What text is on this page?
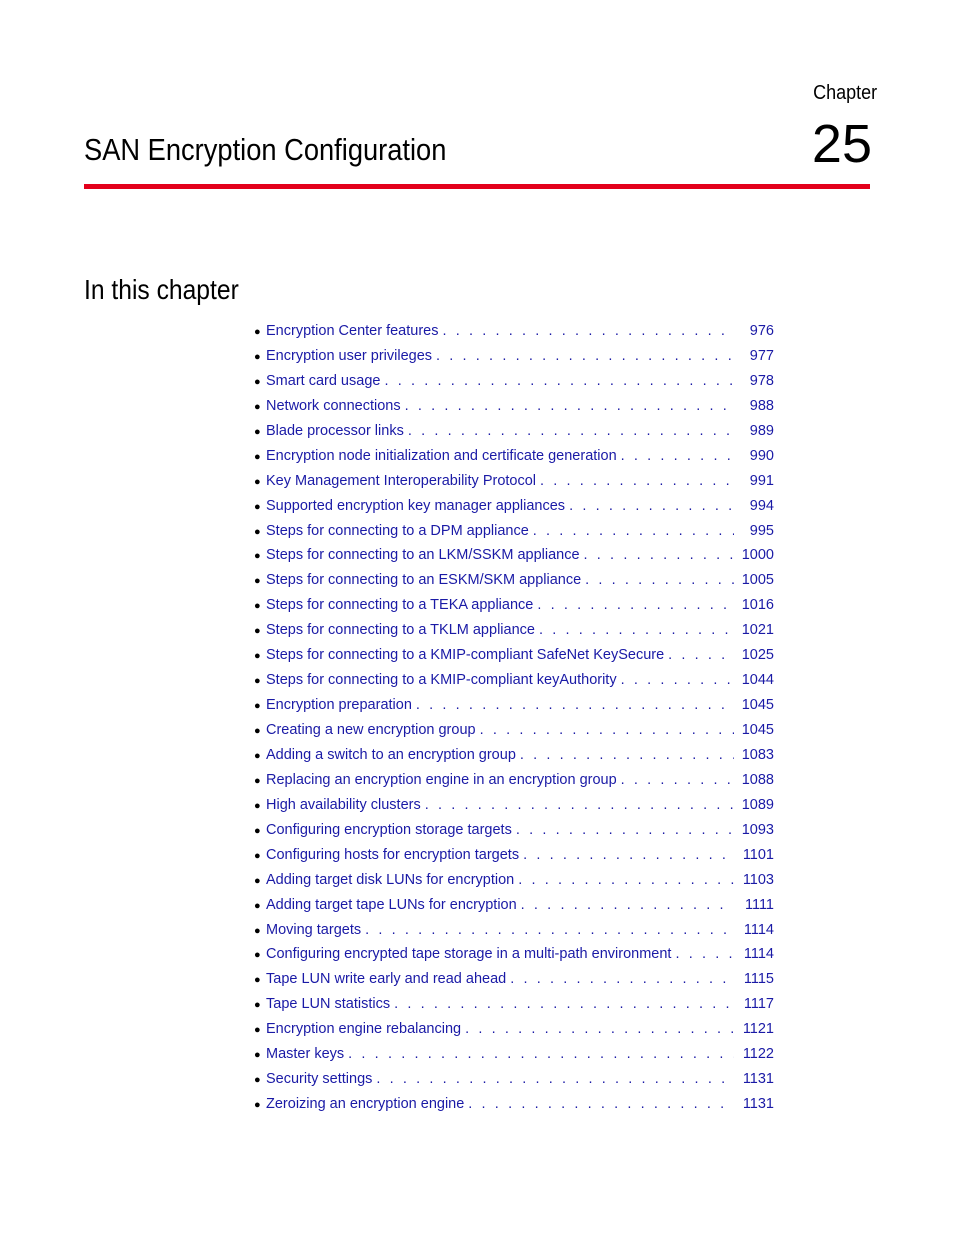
Chapter
25
SAN Encryption Configuration
In this chapter
● Encryption Center features . . .	976
● Encryption user privileges . . .	977
● Smart card usage . . .	978
● Network connections . . .	988
● Blade processor links . . .	989
● Encryption node initialization and certificate generation . . .	990
● Key Management Interoperability Protocol . . .	991
● Supported encryption key manager appliances . . .	994
● Steps for connecting to a DPM appliance . . .	995
● Steps for connecting to an LKM/SSKM appliance . . .	1000
● Steps for connecting to an ESKM/SKM appliance . . .	1005
● Steps for connecting to a TEKA appliance . . .	1016
● Steps for connecting to a TKLM appliance . . .	1021
● Steps for connecting to a KMIP-compliant SafeNet KeySecure . . .	1025
● Steps for connecting to a KMIP-compliant keyAuthority . . .	1044
● Encryption preparation . . .	1045
● Creating a new encryption group . . .	1045
● Adding a switch to an encryption group . . .	1083
● Replacing an encryption engine in an encryption group . . .	1088
● High availability clusters . . .	1089
● Configuring encryption storage targets . . .	1093
● Configuring hosts for encryption targets . . .	1101
● Adding target disk LUNs for encryption . . .	1103
● Adding target tape LUNs for encryption . . .	1111
● Moving targets . . .	1114
● Configuring encrypted tape storage in a multi-path environment . . .	1114
● Tape LUN write early and read ahead . . .	1115
● Tape LUN statistics . . .	1117
● Encryption engine rebalancing . . .	1121
● Master keys . . .	1122
● Security settings . . .	1131
● Zeroizing an encryption engine . . .	1131
